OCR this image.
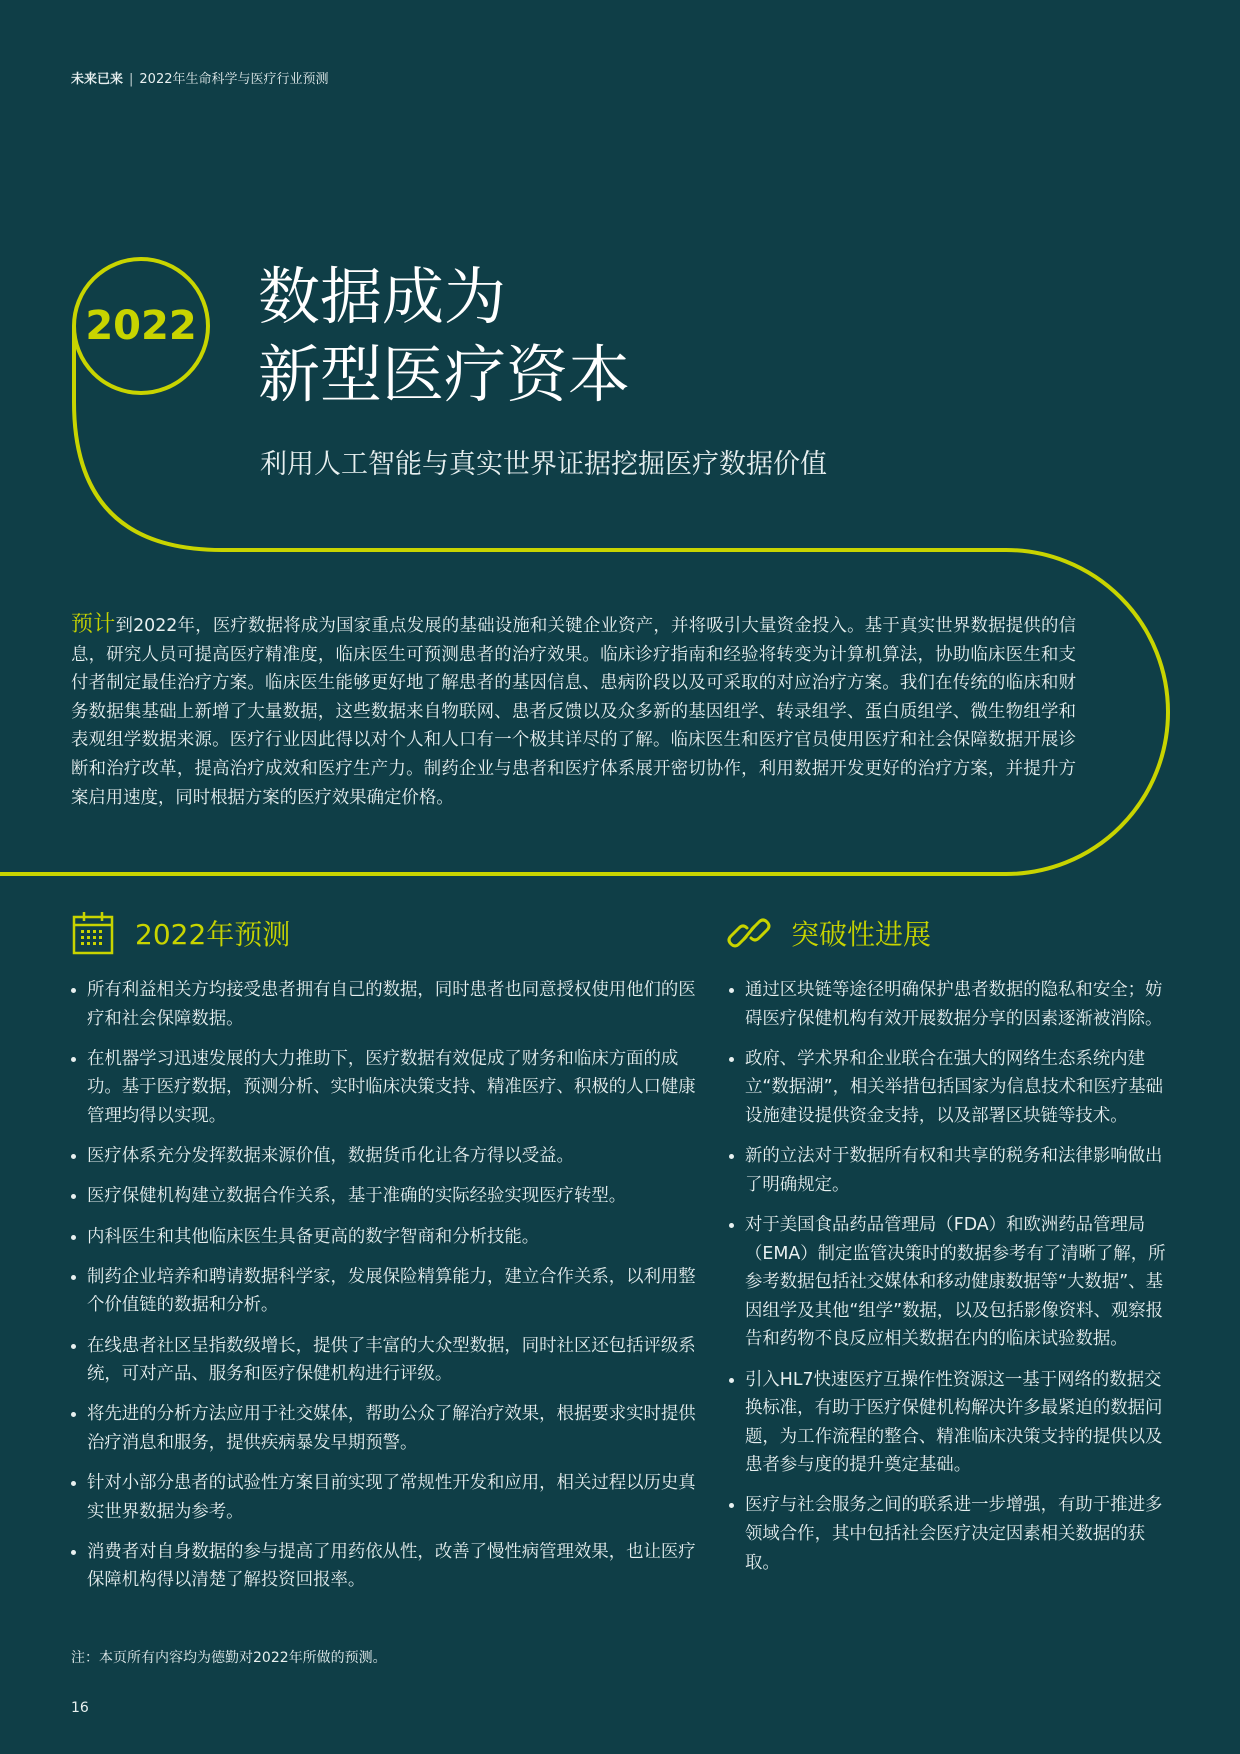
未来已来 | 2022年生命科学与医疗行业预测
2022 数据成为
新型医疗资本
利用人工智能与真实世界证据挖掘医疗数据价值

预计到2022年，医疗数据将成为国家重点发展的基础设施和关键企业资产，并将吸引大量资金投入。基于真实世界数据提供的信息，研究人员可提高医疗精准度，临床医生可预测患者的治疗效果。临床诊疗指南和经验将转变为计算机算法，协助临床医生和支付者制定最佳治疗方案。临床医生能够更好地了解患者的基因信息、患病阶段以及可采取的对应治疗方案。我们在传统的临床和财务数据集基础上新增了大量数据，这些数据来自物联网、患者反馈以及众多新的基因组学、转录组学、蛋白质组学、微生物组学和表观组学数据来源。医疗行业因此得以对个人和人口有一个极其详尽的了解。临床医生和医疗官员使用医疗和社会保障数据开展诊断和治疗改革，提高治疗成效和医疗生产力。制药企业与患者和医疗体系展开密切协作，利用数据开发更好的治疗方案，并提升方案启用速度，同时根据方案的医疗效果确定价格。

2022年预测	突破性进展
所有利益相关方均接受患者拥有自己的数据，同时患者也同意授权使用他们的医疗和社会保障数据。
在机器学习迅速发展的大力推助下，医疗数据有效促成了财务和临床方面的成功。基于医疗数据，预测分析、实时临床决策支持、精准医疗、积极的人口健康管理均得以实现。
医疗体系充分发挥数据来源价值，数据货币化让各方得以受益。
医疗保健机构建立数据合作关系，基于准确的实际经验实现医疗转型。
内科医生和其他临床医生具备更高的数字智商和分析技能。
制药企业培养和聘请数据科学家，发展保险精算能力，建立合作关系，以利用整个价值链的数据和分析。
在线患者社区呈指数级增长，提供了丰富的大众型数据，同时社区还包括评级系统，可对产品、服务和医疗保健机构进行评级。
将先进的分析方法应用于社交媒体，帮助公众了解治疗效果，根据要求实时提供治疗消息和服务，提供疾病暴发早期预警。
针对小部分患者的试验性方案目前实现了常规性开发和应用，相关过程以历史真实世界数据为参考。
消费者对自身数据的参与提高了用药依从性，改善了慢性病管理效果，也让医疗保障机构得以清楚了解投资回报率。
通过区块链等途径明确保护患者数据的隐私和安全；妨碍医疗保健机构有效开展数据分享的因素逐渐被消除。
政府、学术界和企业联合在强大的网络生态系统内建立“数据湖”，相关举措包括国家为信息技术和医疗基础设施建设提供资金支持，以及部署区块链等技术。
新的立法对于数据所有权和共享的税务和法律影响做出了明确规定。
对于美国食品药品管理局（FDA）和欧洲药品管理局（EMA）制定监管决策时的数据参考有了清晰了解，所参考数据包括社交媒体和移动健康数据等“大数据”、基因组学及其他“组学”数据，以及包括影像资料、观察报告和药物不良反应相关数据在内的临床试验数据。
引入HL7快速医疗互操作性资源这一基于网络的数据交换标准，有助于医疗保健机构解决许多最紧迫的数据问题，为工作流程的整合、精准临床决策支持的提供以及患者参与度的提升奠定基础。
医疗与社会服务之间的联系进一步增强，有助于推进多领域合作，其中包括社会医疗决定因素相关数据的获取。
注：本页所有内容均为德勤对2022年所做的预测。
16
